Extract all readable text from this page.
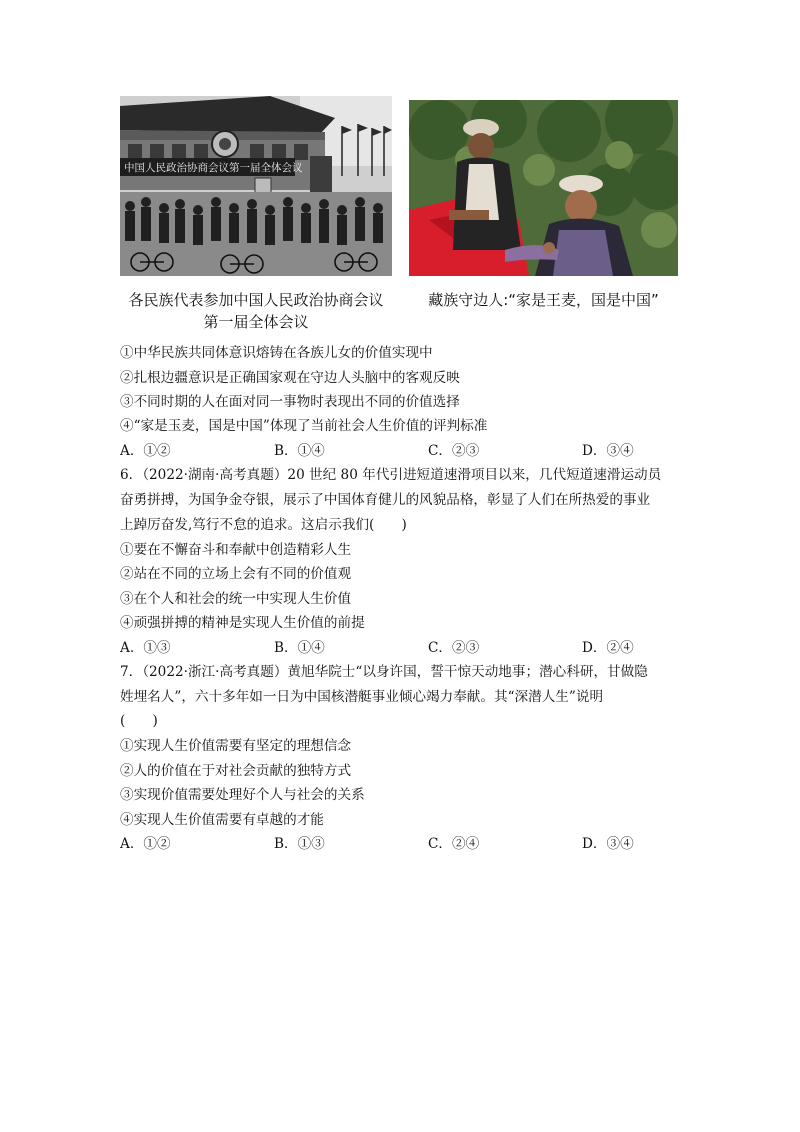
中国人民政治协商会议第一届全体会议
各民族代表参加中国人民政治协商会议
第一届全体会议
藏族守边人:“家是王麦，国是中国”
①中华民族共同体意识熔铸在各族儿女的价值实现中
②扎根边疆意识是正确国家观在守边人头脑中的客观反映
③不同时期的人在面对同一事物时表现出不同的价值选择
④“家是玉麦，国是中国”体现了当前社会人生价值的评判标准
A．①②	B．①④	C．②③	D．③④
6．（2022·湖南·高考真题）20 世纪 80 年代引进短道速滑项目以来，几代短道速滑运动员
奋勇拼搏，为国争金夺银，展示了中国体育健儿的风貌品格，彰显了人们在所热爱的事业
上踔厉奋发,笃行不怠的追求。这启示我们(　　)
①要在不懈奋斗和奉献中创造精彩人生
②站在不同的立场上会有不同的价值观
③在个人和社会的统一中实现人生价值
④顽强拼搏的精神是实现人生价值的前提
A．①③	B．①④	C．②③	D．②④
7．（2022·浙江·高考真题）黄旭华院士“以身许国，誓干惊天动地事；潜心科研，甘做隐
姓埋名人”，六十多年如一日为中国核潜艇事业倾心竭力奉献。其“深潜人生”说明
(　　)
①实现人生价值需要有坚定的理想信念
②人的价值在于对社会贡献的独特方式
③实现价值需要处理好个人与社会的关系
④实现人生价值需要有卓越的才能
A．①②	B．①③	C．②④	D．③④
